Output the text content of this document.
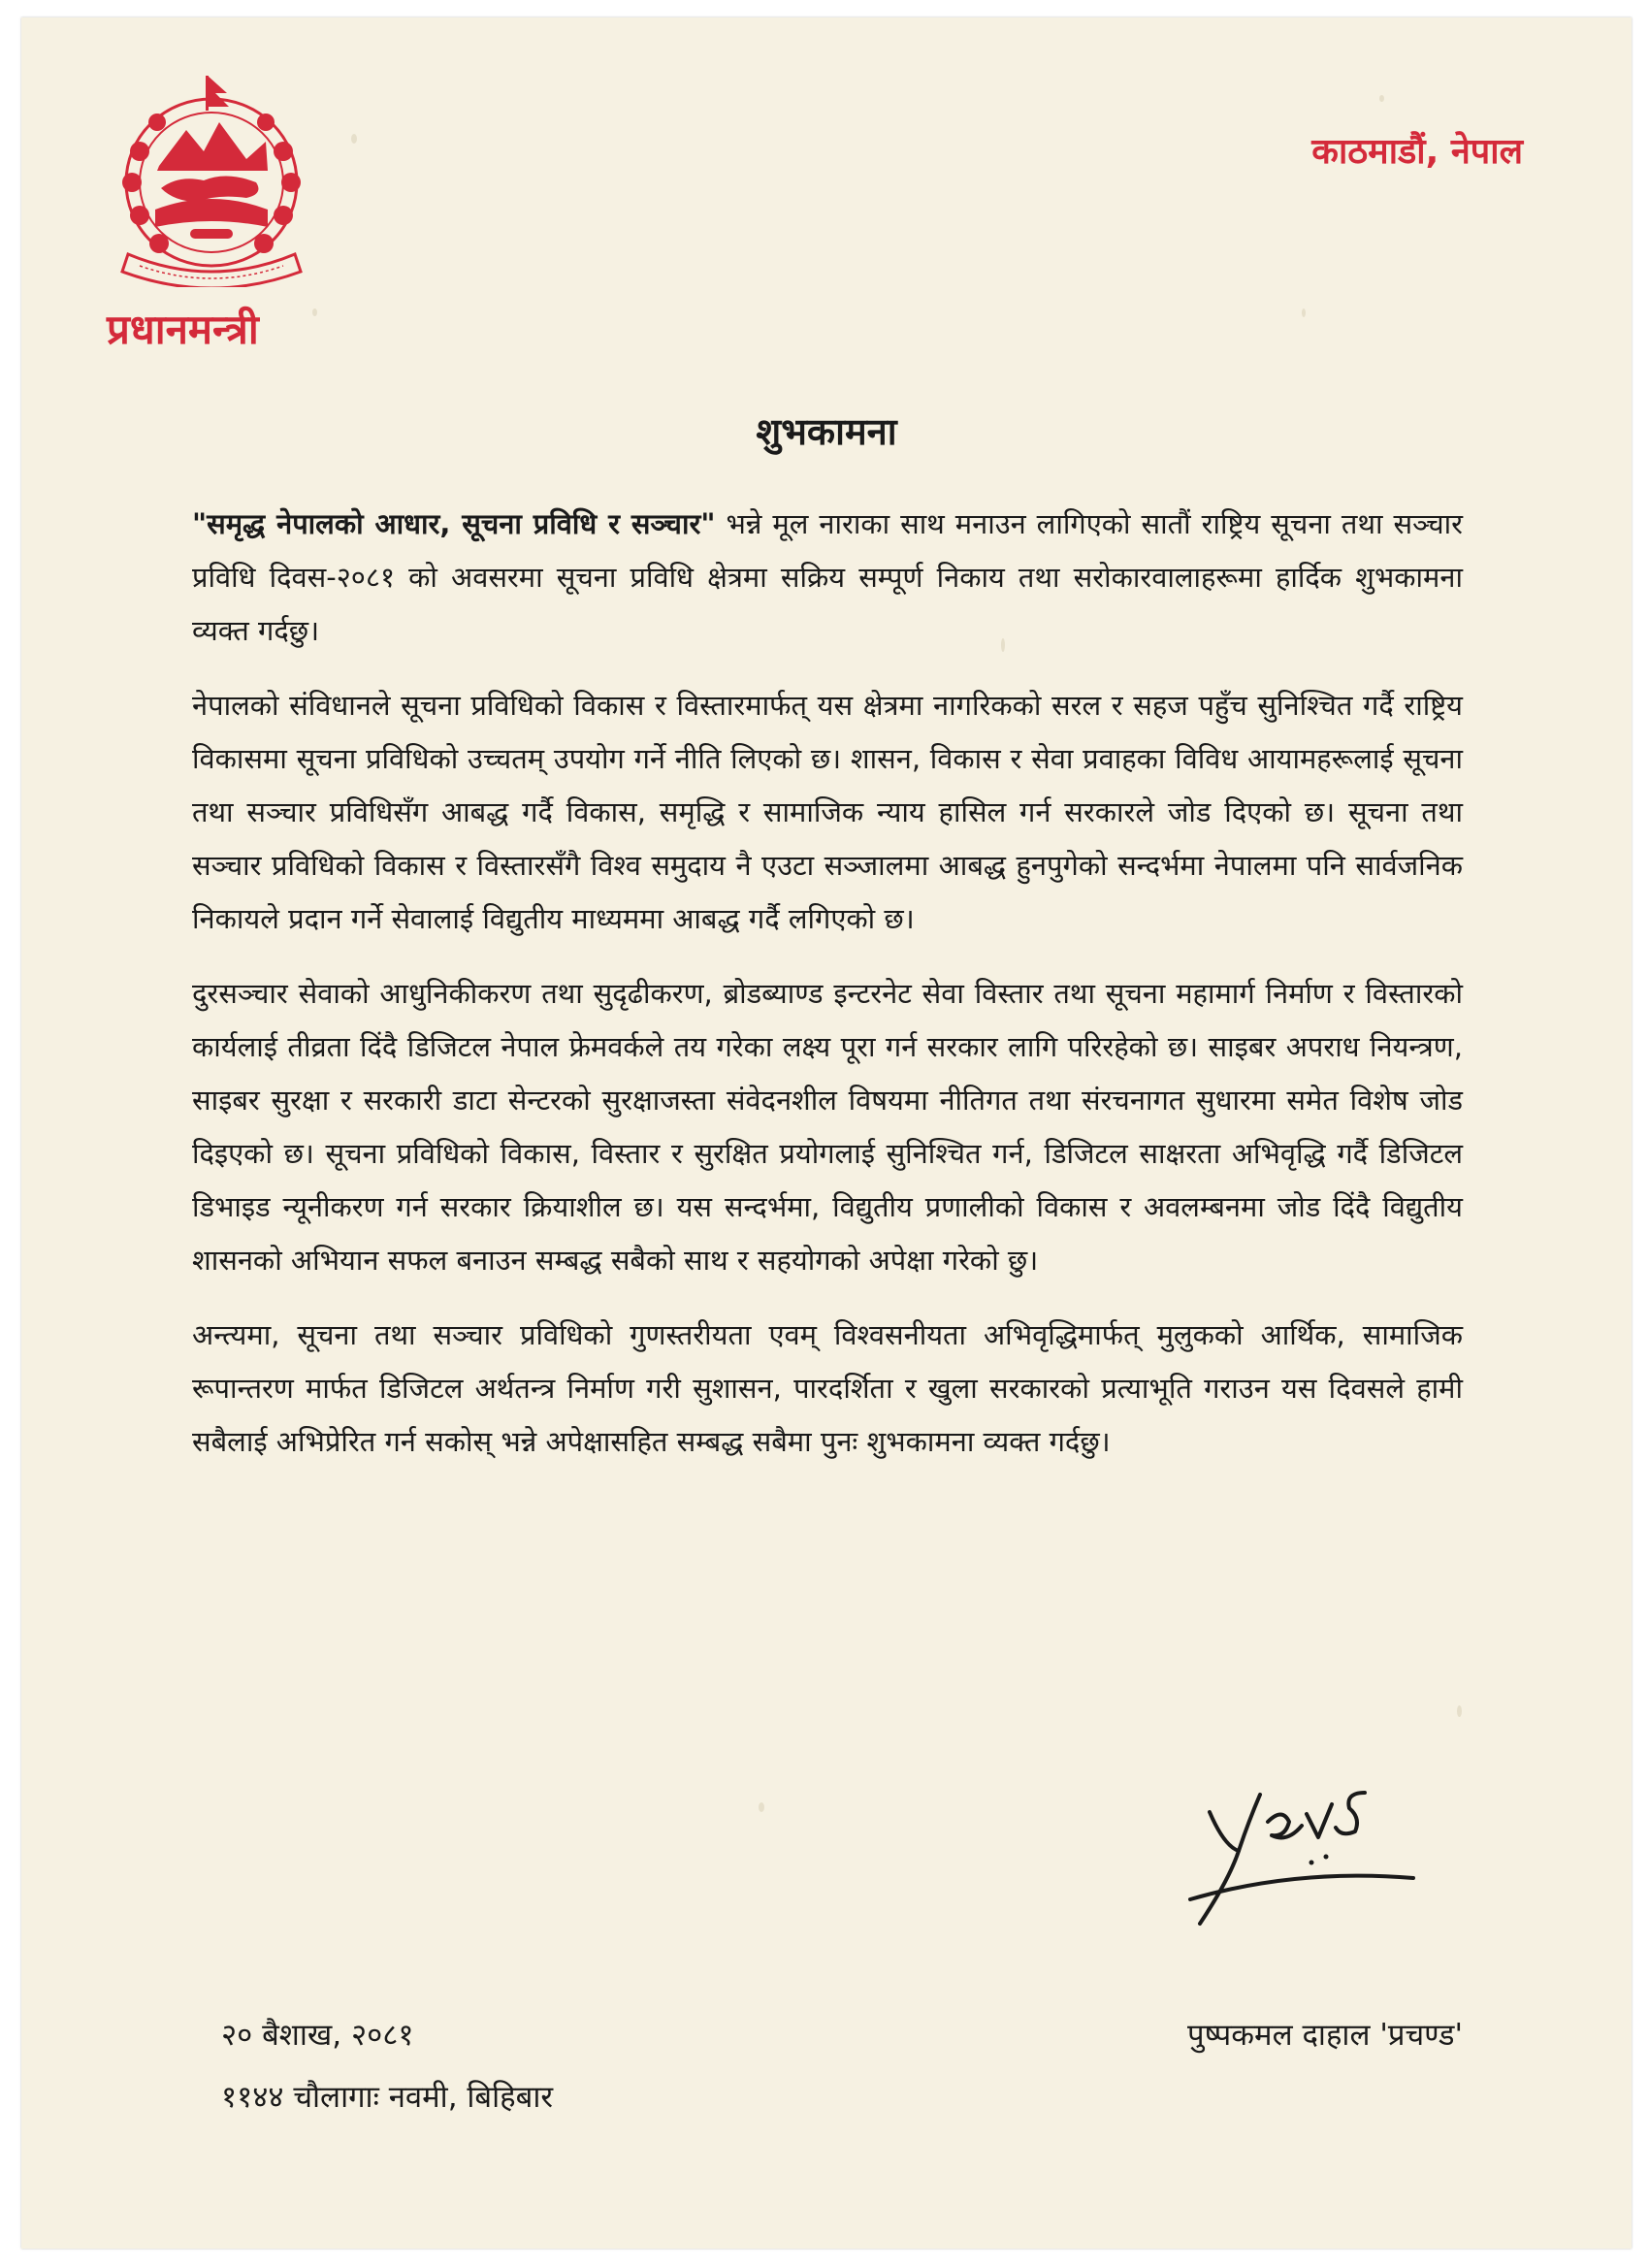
प्रधानमन्त्री
काठमाडौं, नेपाल
शुभकामना

"समृद्ध नेपालको आधार, सूचना प्रविधि र सञ्चार" भन्ने मूल नाराका साथ मनाउन लागिएको सातौं राष्ट्रिय सूचना तथा सञ्चार प्रविधि दिवस-२०८१ को अवसरमा सूचना प्रविधि क्षेत्रमा सक्रिय सम्पूर्ण निकाय तथा सरोकारवालाहरूमा हार्दिक शुभकामना व्यक्त गर्दछु।

नेपालको संविधानले सूचना प्रविधिको विकास र विस्तारमार्फत् यस क्षेत्रमा नागरिकको सरल र सहज पहुँच सुनिश्चित गर्दै राष्ट्रिय विकासमा सूचना प्रविधिको उच्चतम् उपयोग गर्ने नीति लिएको छ। शासन, विकास र सेवा प्रवाहका विविध आयामहरूलाई सूचना तथा सञ्चार प्रविधिसँग आबद्ध गर्दै विकास, समृद्धि र सामाजिक न्याय हासिल गर्न सरकारले जोड दिएको छ। सूचना तथा सञ्चार प्रविधिको विकास र विस्तारसँगै विश्व समुदाय नै एउटा सञ्जालमा आबद्ध हुनपुगेको सन्दर्भमा नेपालमा पनि सार्वजनिक निकायले प्रदान गर्ने सेवालाई विद्युतीय माध्यममा आबद्ध गर्दै लगिएको छ।

दुरसञ्चार सेवाको आधुनिकीकरण तथा सुदृढीकरण, ब्रोडब्याण्ड इन्टरनेट सेवा विस्तार तथा सूचना महामार्ग निर्माण र विस्तारको कार्यलाई तीव्रता दिंदै डिजिटल नेपाल फ्रेमवर्कले तय गरेका लक्ष्य पूरा गर्न सरकार लागि परिरहेको छ। साइबर अपराध नियन्त्रण, साइबर सुरक्षा र सरकारी डाटा सेन्टरको सुरक्षाजस्ता संवेदनशील विषयमा नीतिगत तथा संरचनागत सुधारमा समेत विशेष जोड दिइएको छ। सूचना प्रविधिको विकास, विस्तार र सुरक्षित प्रयोगलाई सुनिश्चित गर्न, डिजिटल साक्षरता अभिवृद्धि गर्दै डिजिटल डिभाइड न्यूनीकरण गर्न सरकार क्रियाशील छ। यस सन्दर्भमा, विद्युतीय प्रणालीको विकास र अवलम्बनमा जोड दिंदै विद्युतीय शासनको अभियान सफल बनाउन सम्बद्ध सबैको साथ र सहयोगको अपेक्षा गरेको छु।

अन्त्यमा, सूचना तथा सञ्चार प्रविधिको गुणस्तरीयता एवम् विश्वसनीयता अभिवृद्धिमार्फत् मुलुकको आर्थिक, सामाजिक रूपान्तरण मार्फत डिजिटल अर्थतन्त्र निर्माण गरी सुशासन, पारदर्शिता र खुला सरकारको प्रत्याभूति गराउन यस दिवसले हामी सबैलाई अभिप्रेरित गर्न सकोस् भन्ने अपेक्षासहित सम्बद्ध सबैमा पुनः शुभकामना व्यक्त गर्दछु।

२० बैशाख, २०८१
११४४ चौलागाः नवमी, बिहिबार
पुष्पकमल दाहाल 'प्रचण्ड'
